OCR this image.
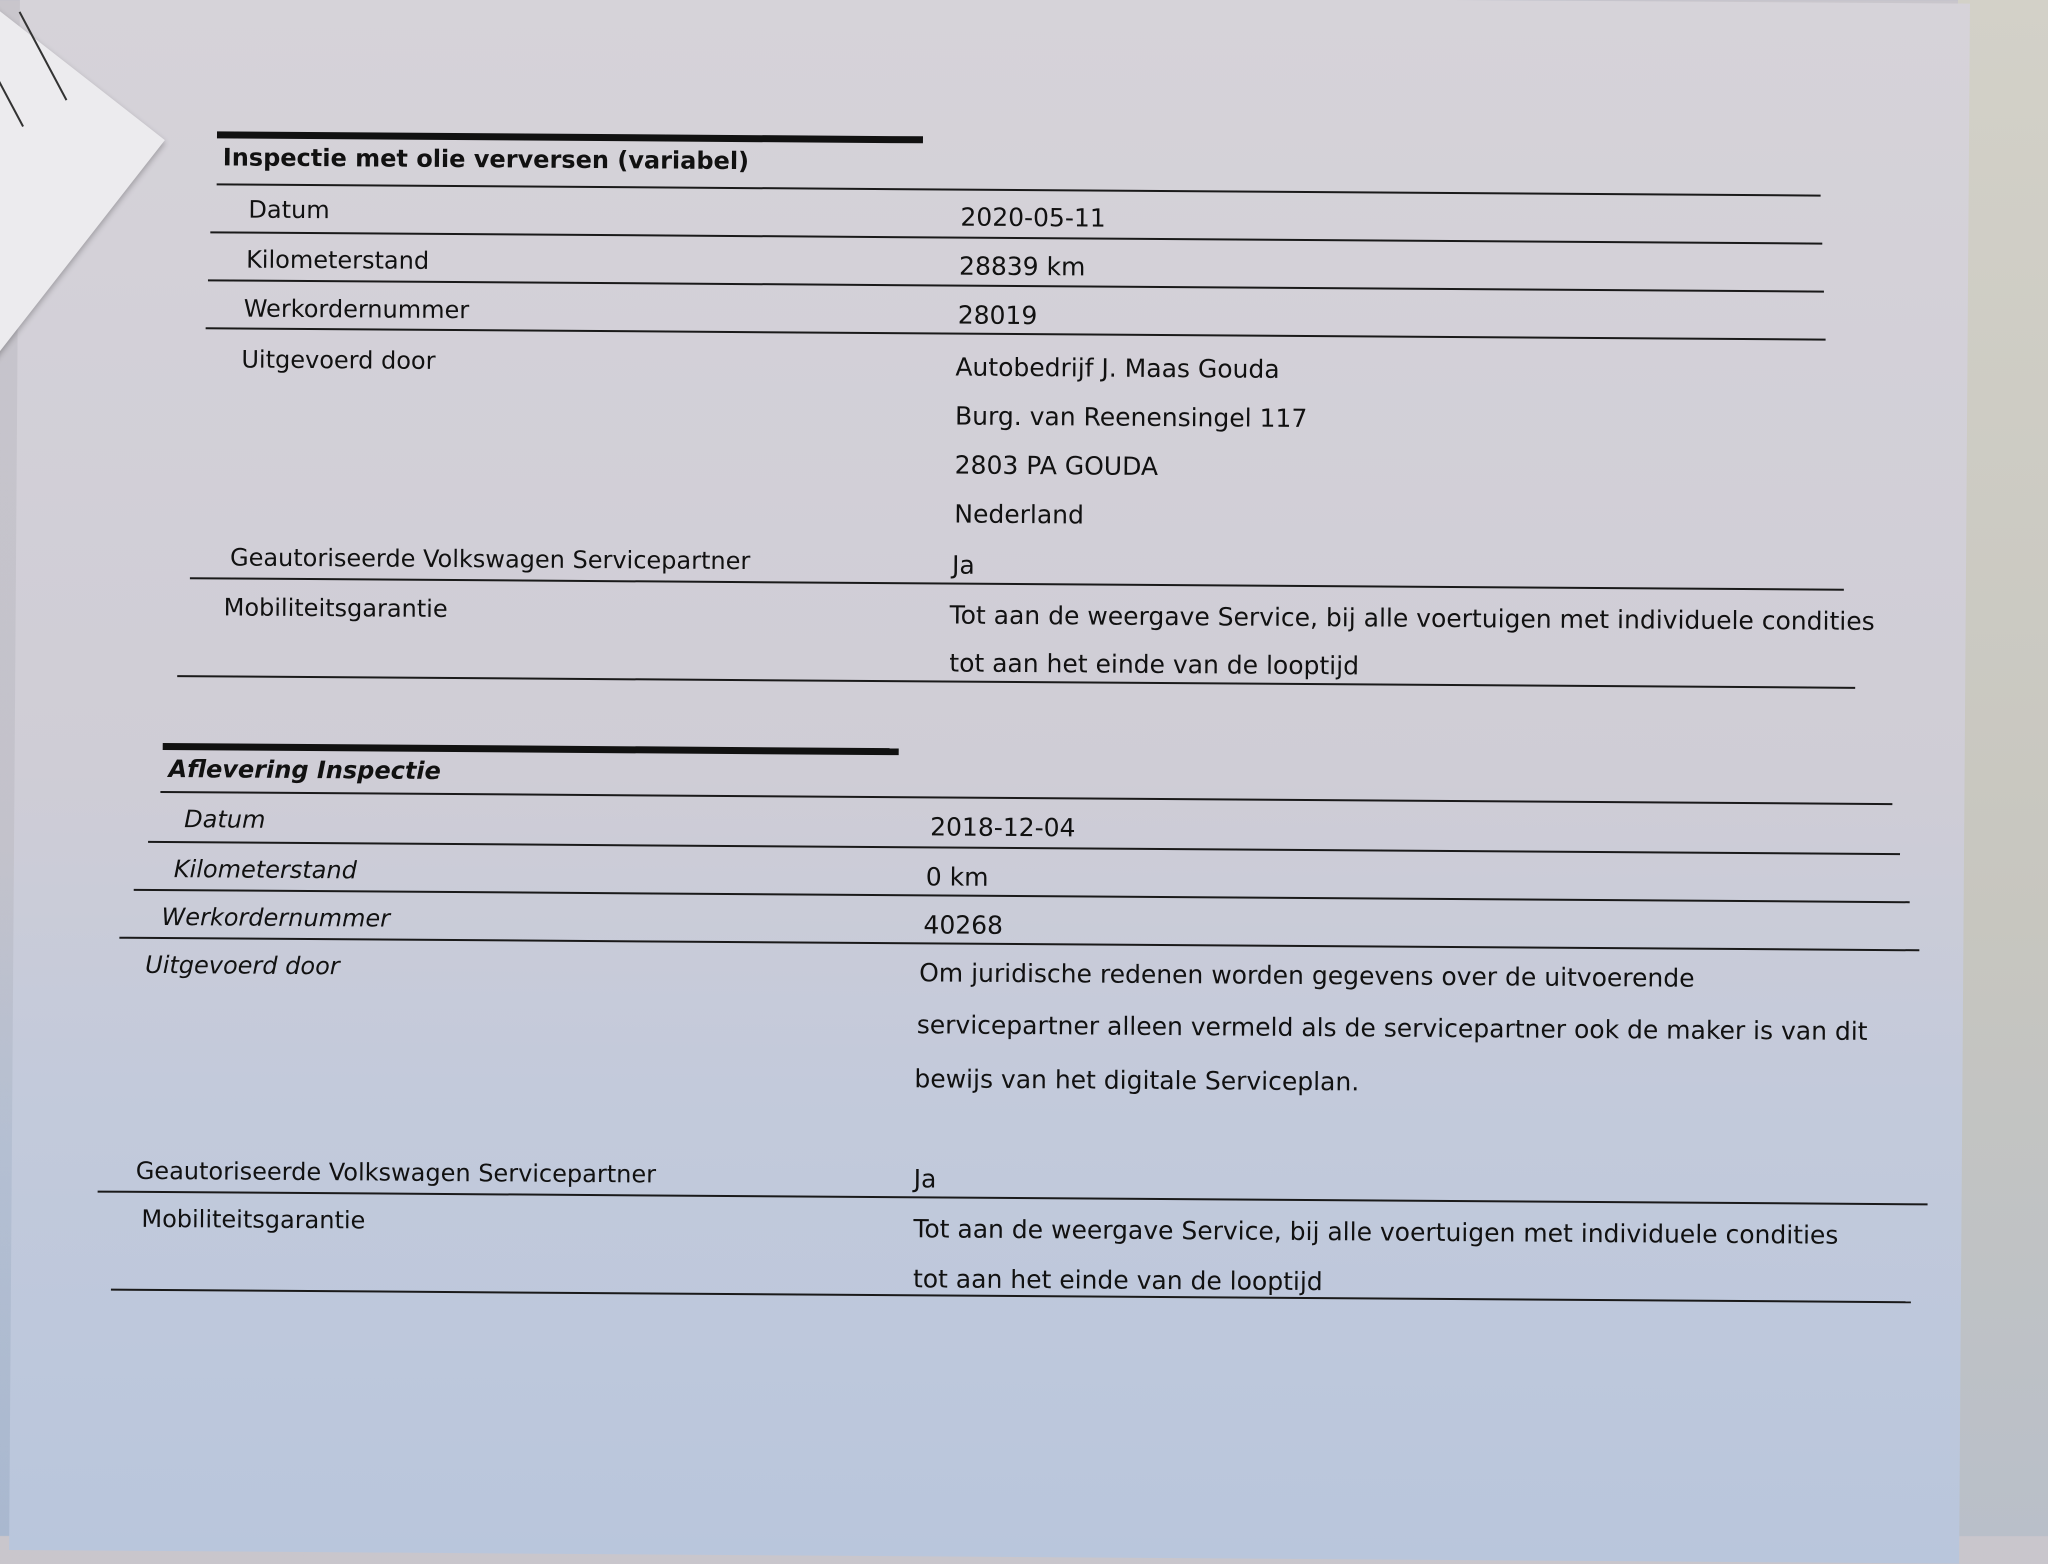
Inspectie met olie verversen (variabel)
Datum	2020-05-11
Kilometerstand	28839 km
Werkordernummer	28019
Uitgevoerd door	Autobedrijf J. Maas Gouda
Burg. van Reenensingel 117
2803 PA GOUDA
Nederland
Geautoriseerde Volkswagen Servicepartner	Ja
Mobiliteitsgarantie	Tot aan de weergave Service, bij alle voertuigen met individuele condities
tot aan het einde van de looptijd
Aflevering Inspectie
Datum	2018-12-04
Kilometerstand	0 km
Werkordernummer	40268
Uitgevoerd door	Om juridische redenen worden gegevens over de uitvoerende
servicepartner alleen vermeld als de servicepartner ook de maker is van dit
bewijs van het digitale Serviceplan.
Geautoriseerde Volkswagen Servicepartner	Ja
Mobiliteitsgarantie	Tot aan de weergave Service, bij alle voertuigen met individuele condities
tot aan het einde van de looptijd
